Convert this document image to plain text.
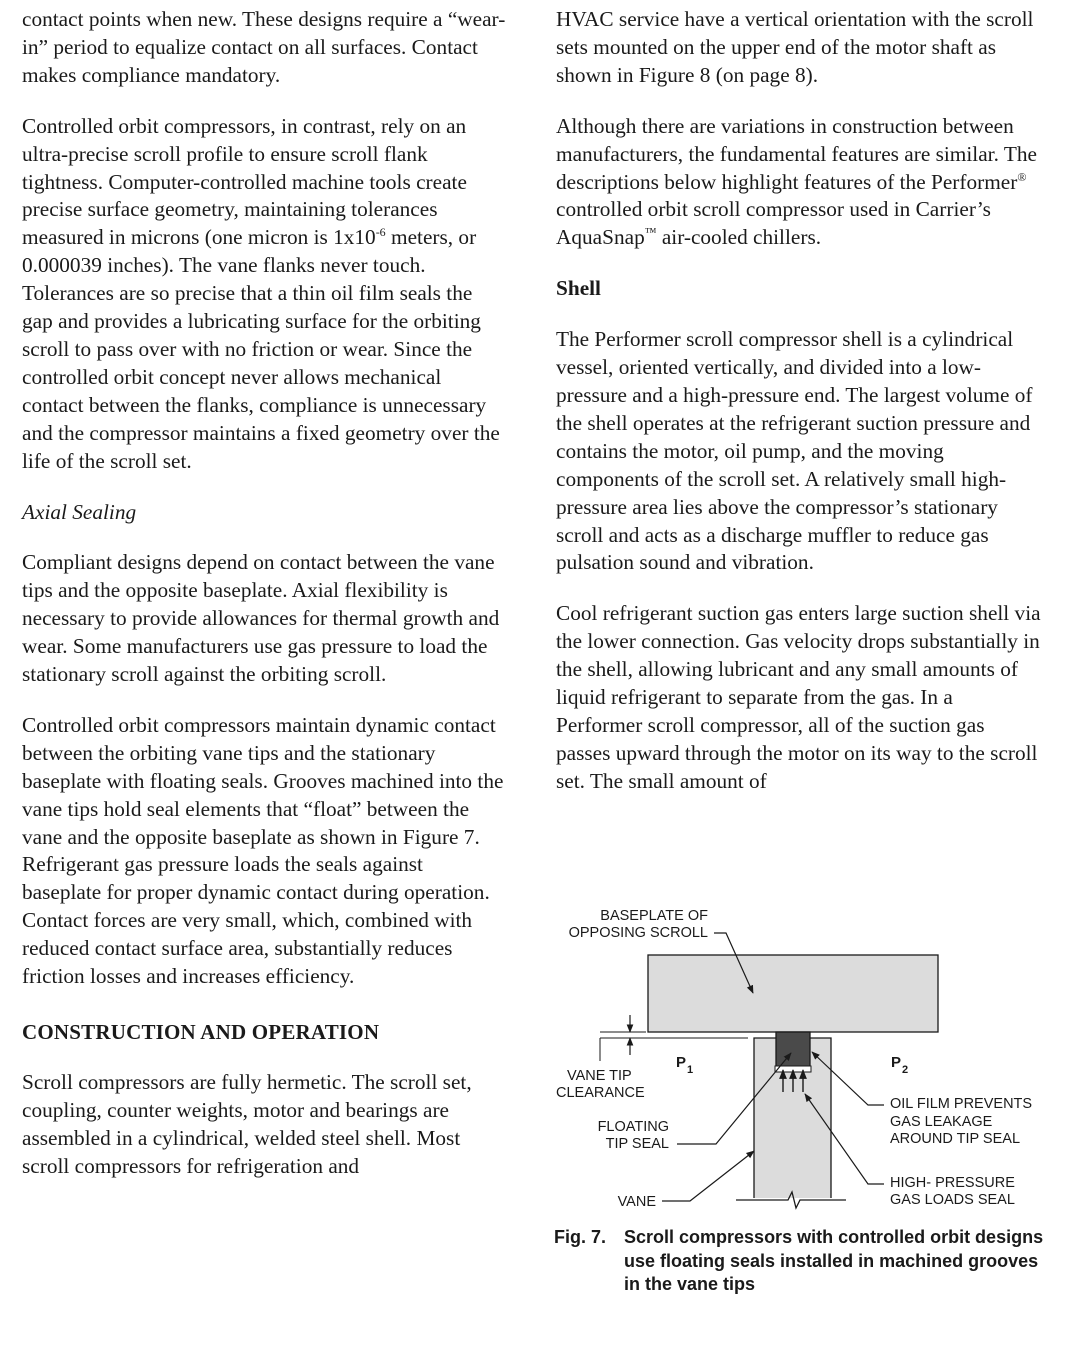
contact points when new. These designs require a “wear-in” period to equalize contact on all surfaces. Contact makes compliance mandatory.

Controlled orbit compressors, in contrast, rely on an ultra-precise scroll profile to ensure scroll flank tightness. Computer-controlled machine tools create precise surface geometry, maintaining tolerances measured in microns (one micron is $1x10^{-6}$ meters, or 0.000039 inches). The vane flanks never touch. Tolerances are so precise that a thin oil film seals the gap and provides a lubricating surface for the orbiting scroll to pass over with no friction or wear. Since the controlled orbit concept never allows mechanical contact between the flanks, compliance is unnecessary and the compressor maintains a fixed geometry over the life of the scroll set.

Axial Sealing

Compliant designs depend on contact between the vane tips and the opposite baseplate. Axial flexibility is necessary to provide allowances for thermal growth and wear. Some manufacturers use gas pressure to load the stationary scroll against the orbiting scroll.

Controlled orbit compressors maintain dynamic contact between the orbiting vane tips and the stationary baseplate with floating seals. Grooves machined into the vane tips hold seal elements that “float” between the vane and the opposite baseplate as shown in Figure 7. Refrigerant gas pressure loads the seals against baseplate for proper dynamic contact during operation. Contact forces are very small, which, combined with reduced contact surface area, substantially reduces friction losses and increases efficiency.

CONSTRUCTION AND OPERATION

Scroll compressors are fully hermetic. The scroll set, coupling, counter weights, motor and bearings are assembled in a cylindrical, welded steel shell. Most scroll compressors for refrigeration and

HVAC service have a vertical orientation with the scroll sets mounted on the upper end of the motor shaft as shown in Figure 8 (on page 8).

Although there are variations in construction between manufacturers, the fundamental features are similar. The descriptions below highlight features of the Performer® controlled orbit scroll compressor used in Carrier’s AquaSnap™ air-cooled chillers.

Shell

The Performer scroll compressor shell is a cylindrical vessel, oriented vertically, and divided into a low-pressure and a high-pressure end. The largest volume of the shell operates at the refrigerant suction pressure and contains the motor, oil pump, and the moving components of the scroll set. A relatively small high-pressure area lies above the compressor’s stationary scroll and acts as a discharge muffler to reduce gas pulsation sound and vibration.

Cool refrigerant suction gas enters large suction shell via the lower connection. Gas velocity drops substantially in the shell, allowing lubricant and any small amounts of liquid refrigerant to separate from the gas. In a Performer scroll compressor, all of the suction gas passes upward through the motor on its way to the scroll set. The small amount of

BASEPLATE OF
OPPOSING SCROLL
VANE TIP
CLEARANCE
FLOATING
TIP SEAL
VANE
P 1	P 2
OIL FILM PREVENTS
GAS LEAKAGE
AROUND TIP SEAL
HIGH- PRESSURE
GAS LOADS SEAL
Fig. 7. Scroll compressors with controlled orbit designs use floating seals installed in machined grooves in the vane tips
